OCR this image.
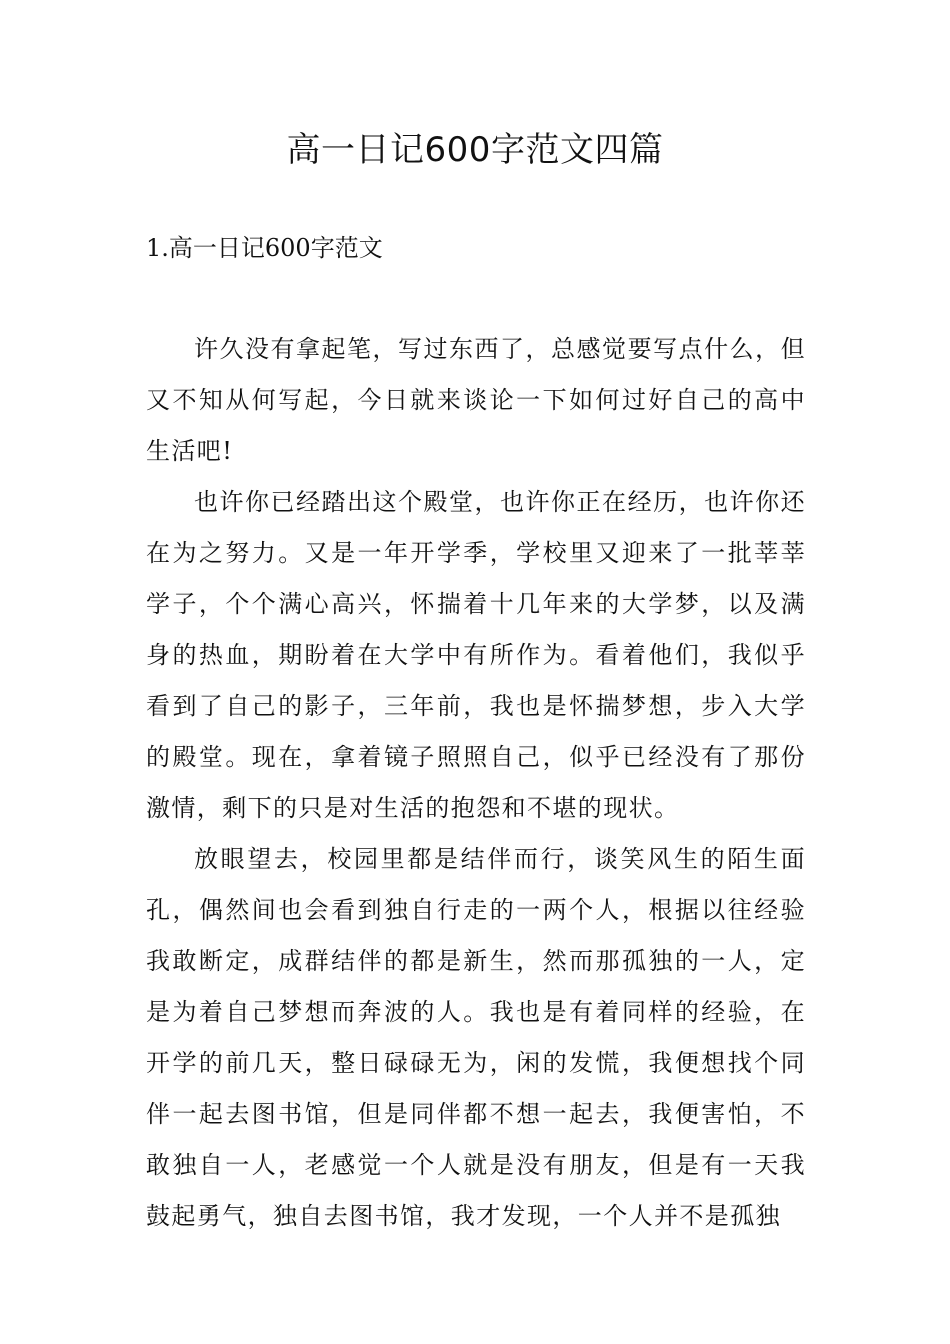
高一日记600字范文四篇
1.高一日记600字范文

许久没有拿起笔，写过东西了，总感觉要写点什么，但又不知从何写起，今日就来谈论一下如何过好自己的高中生活吧!

也许你已经踏出这个殿堂，也许你正在经历，也许你还在为之努力。又是一年开学季，学校里又迎来了一批莘莘学子，个个满心高兴，怀揣着十几年来的大学梦，以及满身的热血，期盼着在大学中有所作为。看着他们，我似乎看到了自己的影子，三年前，我也是怀揣梦想，步入大学的殿堂。现在，拿着镜子照照自己，似乎已经没有了那份激情，剩下的只是对生活的抱怨和不堪的现状。

放眼望去，校园里都是结伴而行，谈笑风生的陌生面孔，偶然间也会看到独自行走的一两个人，根据以往经验我敢断定，成群结伴的都是新生，然而那孤独的一人，定是为着自己梦想而奔波的人。我也是有着同样的经验，在开学的前几天，整日碌碌无为，闲的发慌，我便想找个同伴一起去图书馆，但是同伴都不想一起去，我便害怕，不敢独自一人，老感觉一个人就是没有朋友，但是有一天我鼓起勇气，独自去图书馆，我才发现，一个人并不是孤独
